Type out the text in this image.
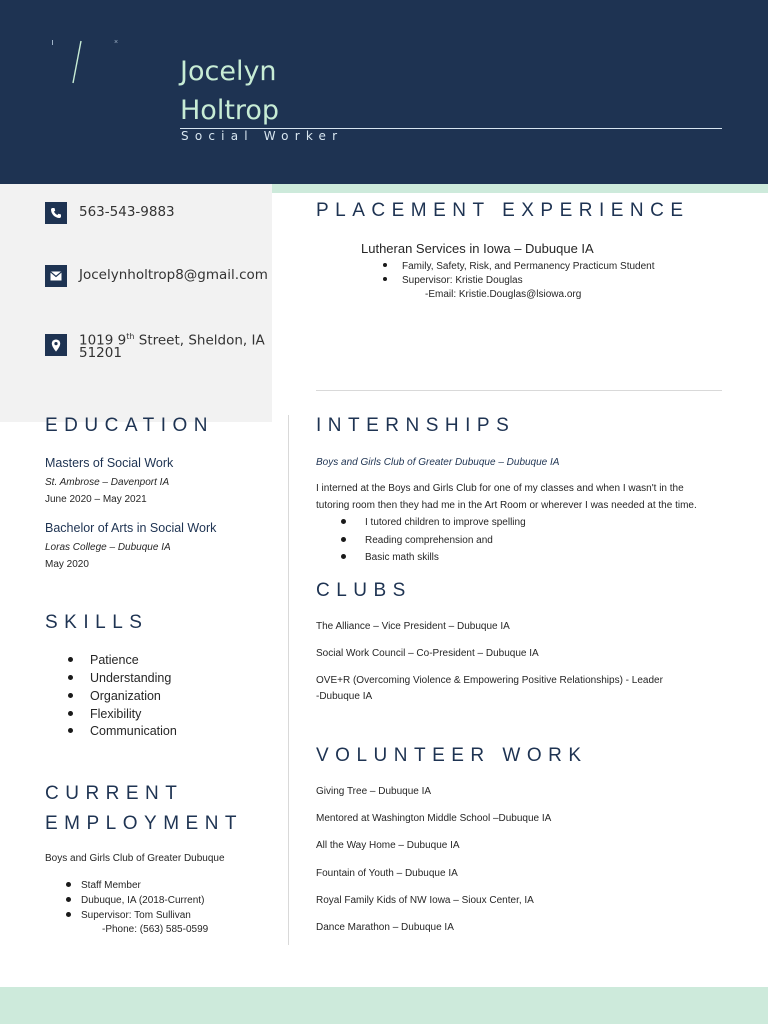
×
Jocelyn
Holtrop
Social Worker
563-543-9883
Jocelynholtrop8@gmail.com
1019 9th Street, Sheldon, IA
51201
EDUCATION
Masters of Social Work
St. Ambrose – Davenport IA
June 2020 – May 2021
Bachelor of Arts in Social Work
Loras College – Dubuque IA
May 2020
SKILLS
Patience
Understanding
Organization
Flexibility
Communication
CURRENT
EMPLOYMENT
Boys and Girls Club of Greater Dubuque
Staff Member
Dubuque, IA (2018-Current)
Supervisor: Tom Sullivan
-Phone: (563) 585-0599
PLACEMENT EXPERIENCE
Lutheran Services in Iowa – Dubuque IA
Family, Safety, Risk, and Permanency Practicum Student
Supervisor: Kristie Douglas
-Email: Kristie.Douglas@lsiowa.org
INTERNSHIPS
Boys and Girls Club of Greater Dubuque – Dubuque IA
I interned at the Boys and Girls Club for one of my classes and when I wasn't in the
tutoring room then they had me in the Art Room or wherever I was needed at the time.
I tutored children to improve spelling
Reading comprehension and
Basic math skills
CLUBS
The Alliance – Vice President – Dubuque IA
Social Work Council – Co-President – Dubuque IA
OVE+R (Overcoming Violence & Empowering Positive Relationships) - Leader
-Dubuque IA
VOLUNTEER WORK
Giving Tree – Dubuque IA
Mentored at Washington Middle School –Dubuque IA
All the Way Home – Dubuque IA
Fountain of Youth – Dubuque IA
Royal Family Kids of NW Iowa – Sioux Center, IA
Dance Marathon – Dubuque IA
